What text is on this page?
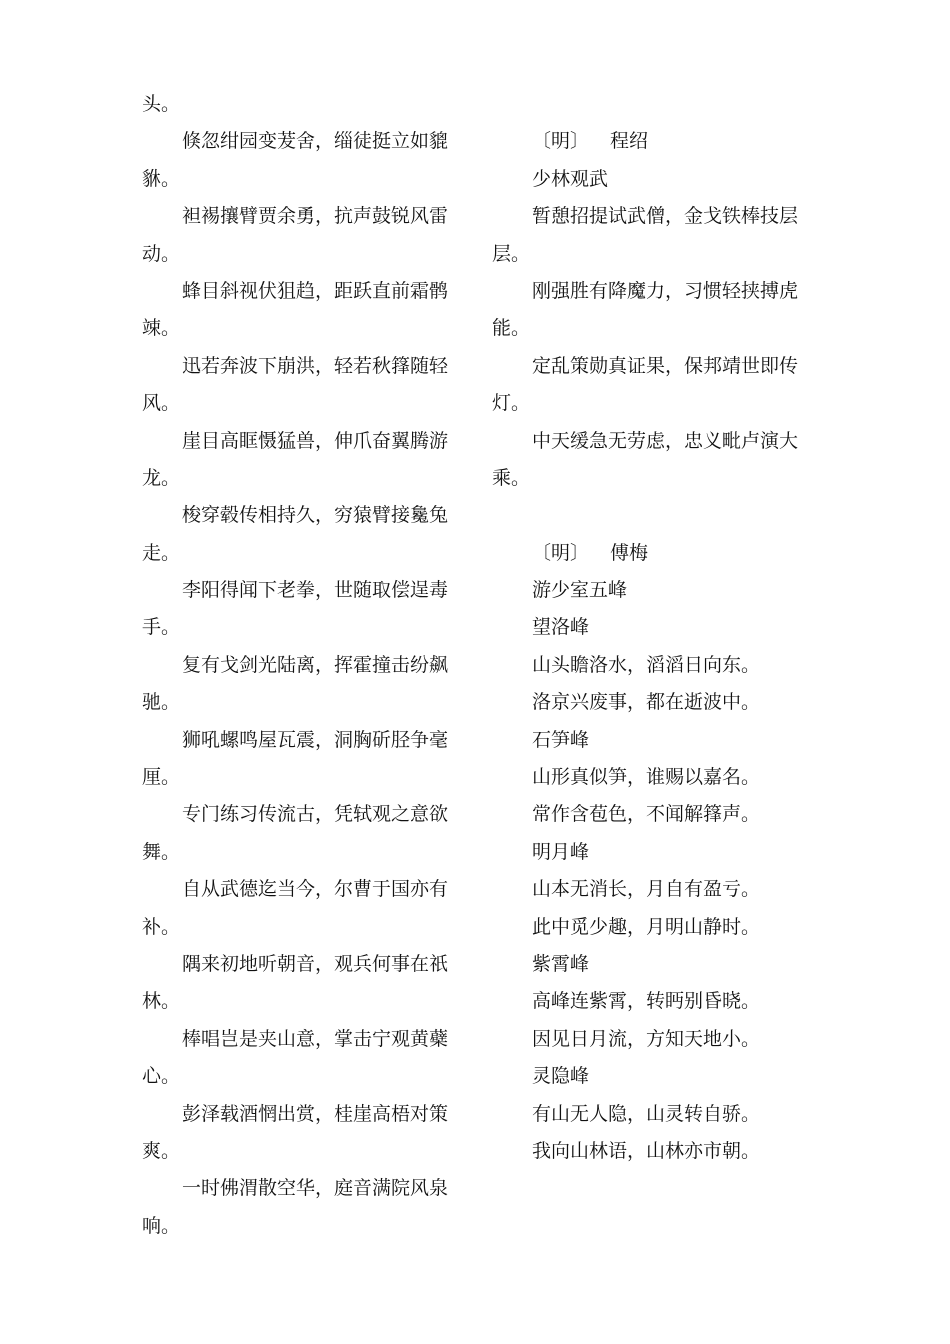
头。
倏忽绀园变茇舍，缁徒挺立如貔
貅。
袒裼攘臂贾余勇，抗声鼓锐风雷
动。
蜂目斜视伏狙趋，距跃直前霜鹘
竦。
迅若奔波下崩洪，轻若秋箨随轻
风。
崖目高眶慑猛兽，伸爪奋翼腾游
龙。
梭穿毂传相持久，穷猿臂接毚兔
走。
李阳得闻下老拳，世随取偿逞毒
手。
复有戈剑光陆离，挥霍撞击纷飙
驰。
狮吼螺鸣屋瓦震，洞胸斫胫争毫
厘。
专门练习传流古，凭轼观之意欲
舞。
自从武德迄当今，尔曹于国亦有
补。
隅来初地听朝音，观兵何事在祇
林。
棒唱岂是夹山意，掌击宁观黄蘗
心。
彭泽载酒惘出赏，桂崖高梧对策
爽。
一时佛渭散空华，庭音满院风泉
响。
〔明〕 程绍
少林观武
暂憩招提试武僧，金戈铁棒技层
层。
刚强胜有降魔力，习惯轻挟搏虎
能。
定乱策勋真证果，保邦靖世即传
灯。
中天缓急无劳虑，忠义毗卢演大
乘。
〔明〕 傅梅
游少室五峰
望洛峰
山头瞻洛水，滔滔日向东。
洛京兴废事，都在逝波中。
石笋峰
山形真似笋，谁赐以嘉名。
常作含苞色，不闻解箨声。
明月峰
山本无消长，月自有盈亏。
此中觅少趣，月明山静时。
紫霄峰
高峰连紫霄，转眄别昏晓。
因见日月流，方知天地小。
灵隐峰
有山无人隐，山灵转自骄。
我向山林语，山林亦市朝。
